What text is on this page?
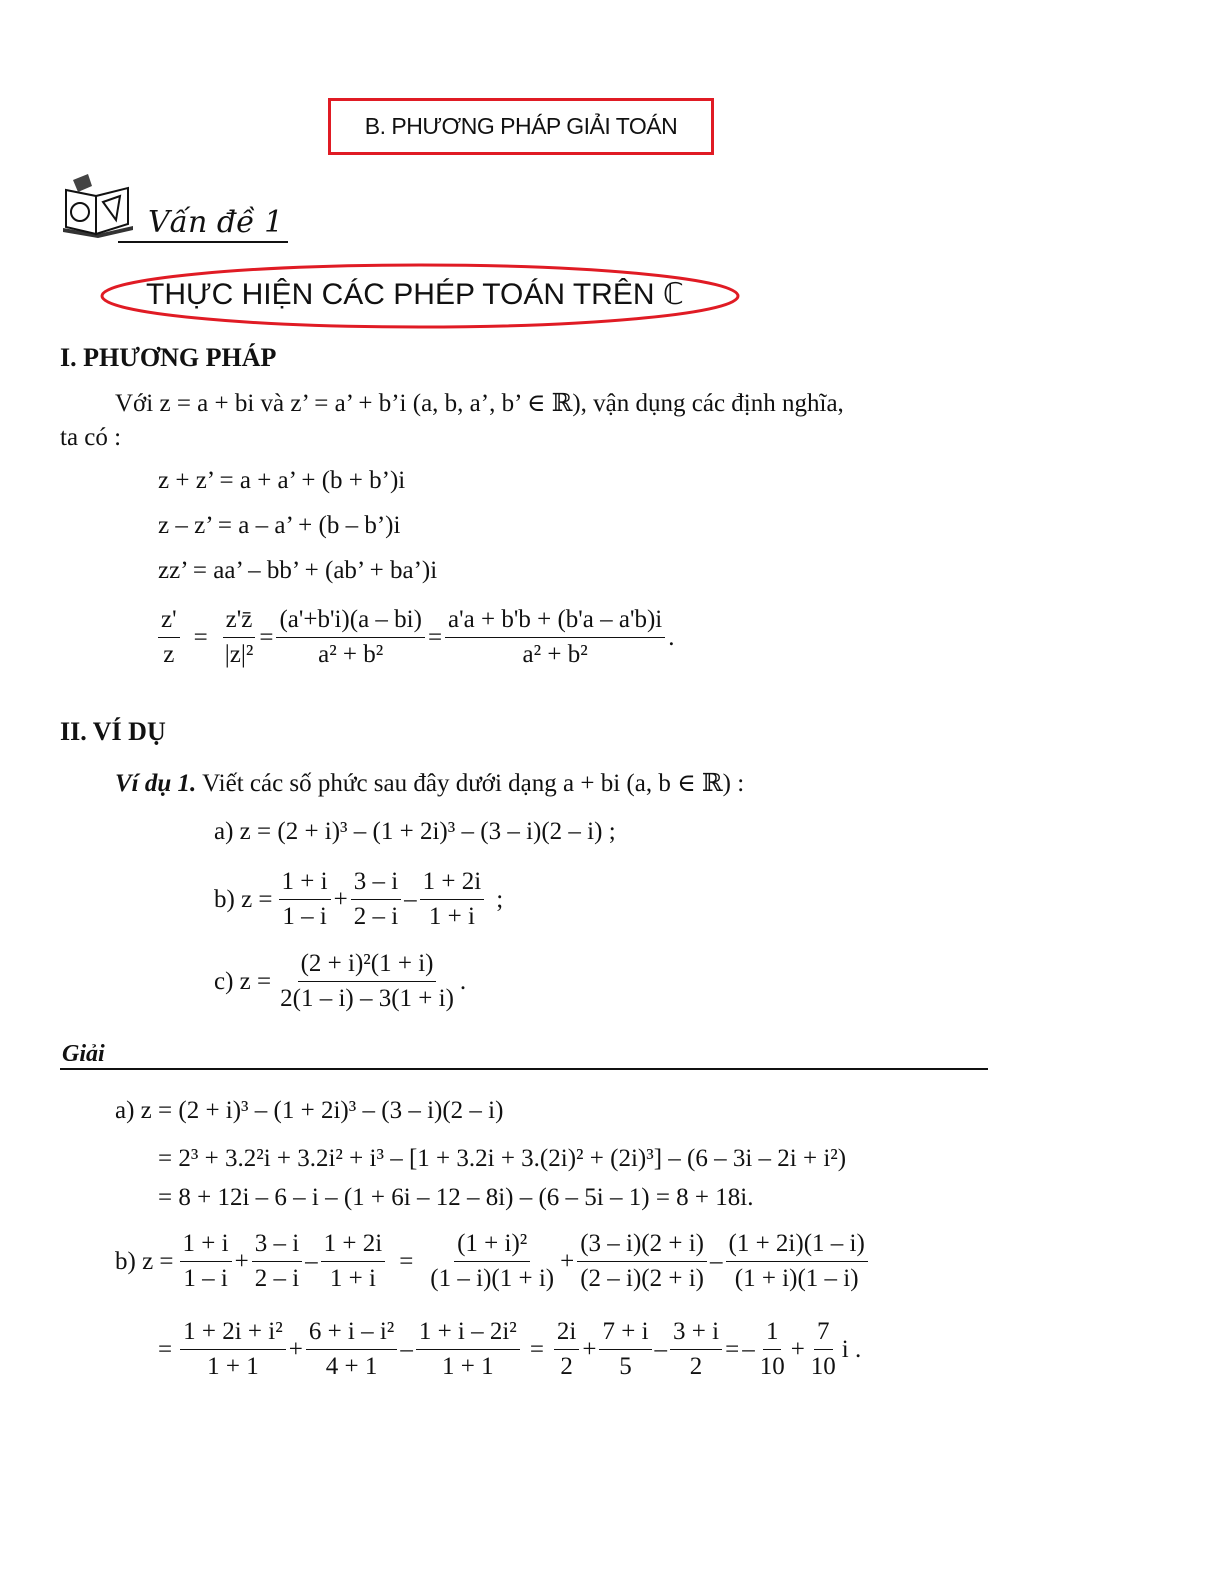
B. PHƯƠNG PHÁP GIẢI TOÁN
Vấn đề 1
THỰC HIỆN CÁC PHÉP TOÁN TRÊN ℂ
I. PHƯƠNG PHÁP
Với z = a + bi và z’ = a’ + b’i (a, b, a’, b’ ∈ ℝ), vận dụng các định nghĩa,
ta có :
z + z’ = a + a’ + (b + b’)i
z – z’ = a – a’ + (b – b’)i
zz’ = aa’ – bb’ + (ab’ + ba’)i
$\frac{z'}{z} = \frac{z'z̄}{\text{|z|²}} = \frac{(a'+b'i)(a - bi)}{\text{a² + b²}} = \frac{a'a + b'b + (b'a - a'b)i}{\text{a² + b²}}$ .
II. VÍ DỤ
Ví dụ 1. Viết các số phức sau đây dưới dạng a + bi (a, b ∈ ℝ) :
a) z = (2 + i)³ – (1 + 2i)³ – (3 – i)(2 – i) ;
b) $z = \frac{1 + i}{1 - i} + \frac{3 - i}{2 - i} - \frac{1 + 2i}{1 + i}$ ;
c) $z = \frac{\text{(2 + i)²(1 + i)}}{2(1 - i) - 3(1 + i)}$ .
Giải
a) z = (2 + i)³ – (1 + 2i)³ – (3 – i)(2 – i)
= 2³ + 3.2²i + 3.2i² + i³ – [1 + 3.2i + 3.(2i)² + (2i)³] – (6 – 3i – 2i + i²)
= 8 + 12i – 6 – i – (1 + 6i – 12 – 8i) – (6 – 5i – 1) = 8 + 18i.
b) $z = \frac{1 + i}{1 - i} + \frac{3 - i}{2 - i} - \frac{1 + 2i}{1 + i} = \frac{\text{(1 + i)²}}{(1 - i)(1 + i)} + \frac{(3 - i)(2 + i)}{(2 - i)(2 + i)} - \frac{(1 + 2i)(1 - i)}{(1 + i)(1 - i)}$
= $\frac{\text{1 + 2i + i²}}{1 + 1} + \frac{\text{6 + i – i²}}{4 + 1} - \frac{\text{1 + i – 2i²}}{1 + 1} = \frac{2i}{2} + \frac{7 + i}{5} - \frac{3 + i}{2}$ = – $\frac{1}{10} + \frac{7}{10}$ i .
